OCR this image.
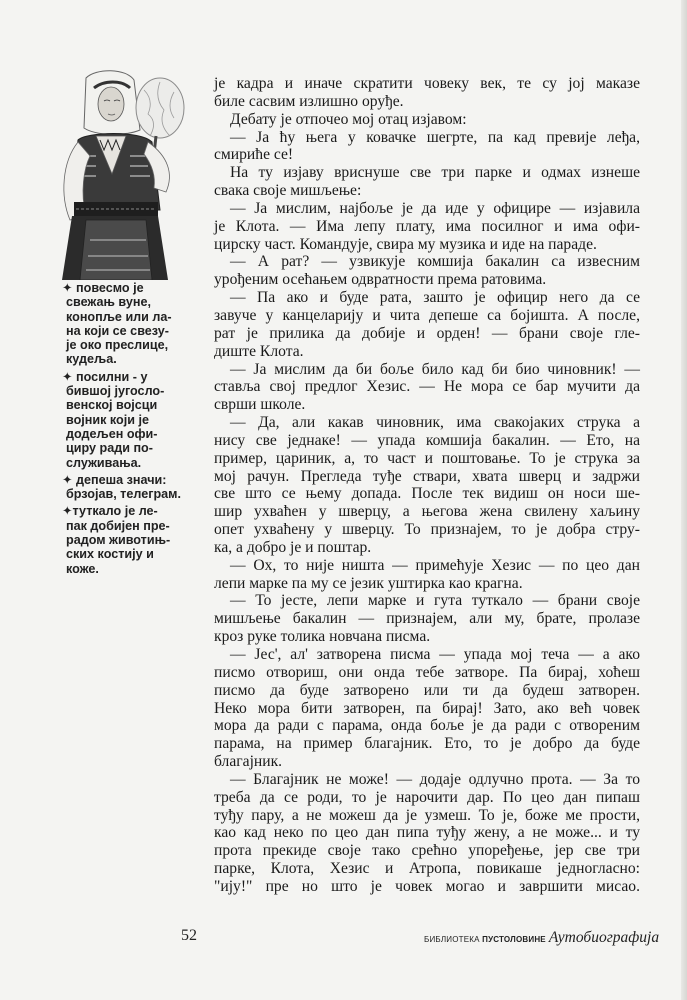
✦ повесмо је
свежањ вуне,
конопље или ла-
на који се свезу-
је око преслице,
кудеља.
✦ посилни - у
бившој југосло-
венској војсци
војник који је
додељен офи-
циру ради по-
служивања.
✦ депеша значи:
брзојав, телеграм.
✦туткало је ле-
пак добијен пре-
радом животињ-
ских костију и
коже.
је кадра и иначе скратити човеку век, те су јој маказе
биле сасвим излишно оруђе.
Дебату је отпочео мој отац изјавом:
— Ја ћу њега у ковачке шегрте, па кад превије леђа,
смириће се!
На ту изјаву вриснуше све три парке и одмах изнеше
свака своје мишљење:
— Ја мислим, најбоље је да иде у официре — изјавила
је Клота. — Има лепу плату, има посилног и има офи-
цирску част. Командује, свира му музика и иде на параде.
— А рат? — узвикује комшија бакалин са извесним
урођеним осећањем одвратности према ратовима.
— Па ако и буде рата, зашто је официр него да се
завуче у канцеларију и чита депеше са бојишта. А после,
рат је прилика да добије и орден! — брани своје гле-
диште Клота.
— Ја мислим да би боље било кад би био чиновник! —
ставља свој предлог Хезис. — Не мора се бар мучити да
сврши школе.
— Да, али какав чиновник, има свакојаких струка а
нису све једнаке! — упада комшија бакалин. — Ето, на
пример, цариник, а, то част и поштовање. То је струка за
мој рачун. Прегледа туђе ствари, хвата шверц и задржи
све што се њему допада. После тек видиш он носи ше-
шир ухваћен у шверцу, а његова жена свилену хаљину
опет ухваћену у шверцу. То признајем, то је добра стру-
ка, а добро је и поштар.
— Ох, то није ништа — примећује Хезис — по цео дан
лепи марке па му се језик уштирка као крагна.
— То јесте, лепи марке и гута туткало — брани своје
мишљење бакалин — признајем, али му, брате, пролазе
кроз руке толика новчана писма.
— Јес', ал' затворена писма — упада мој теча — а ако
писмо отвориш, они онда тебе затворе. Па бирај, хоћеш
писмо да буде затворено или ти да будеш затворен.
Неко мора бити затворен, па бирај! Зато, ако већ човек
мора да ради с парама, онда боље је да ради с отвореним
парама, на пример благајник. Ето, то је добро да буде
благајник.
— Благајник не може! — додаје одлучно прота. — За то
треба да се роди, то је нарочити дар. По цео дан пипаш
туђу пару, а не можеш да је узмеш. То је, боже ме прости,
као кад неко по цео дан пипа туђу жену, а не може... и ту
прота прекиде своје тако срећно упоређење, јер све три
парке, Клота, Хезис и Атропа, повикаше једногласно:
"ију!" пре но што је човек могао и завршити мисао.
52	БИБЛИОТЕКА ПУСТОЛОВИНЕ Аутобиографија
